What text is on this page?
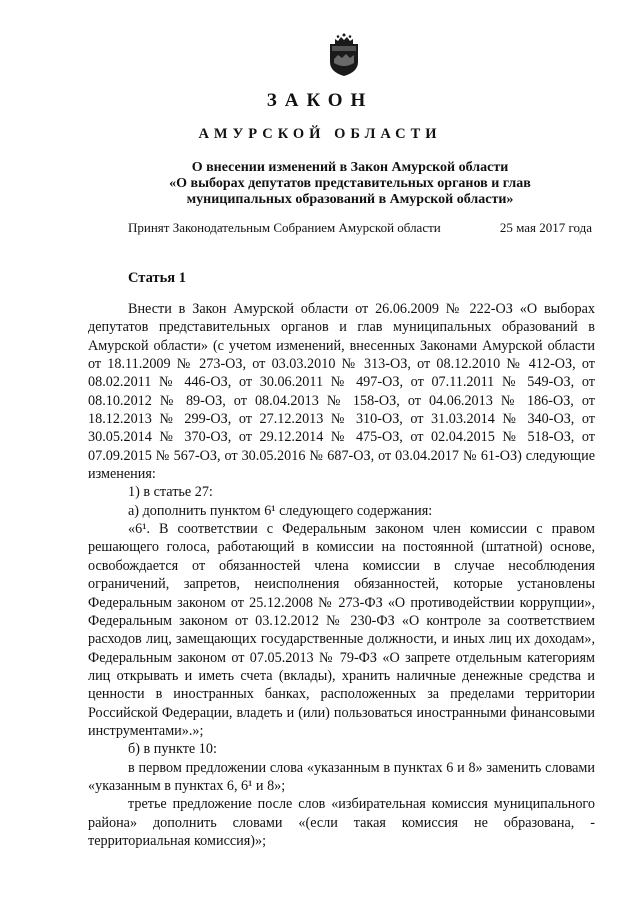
ЗАКОН
АМУРСКОЙ ОБЛАСТИ
О внесении изменений в Закон Амурской области
«О выборах депутатов представительных органов и глав
муниципальных образований в Амурской области»
Принят Законодательным Собранием Амурской области	25 мая 2017 года
Статья 1

Внести в Закон Амурской области от 26.06.2009 № 222-ОЗ «О выборах депутатов представительных органов и глав муниципальных образований в Амурской области» (с учетом изменений, внесенных Законами Амурской области от 18.11.2009 № 273-ОЗ, от 03.03.2010 № 313-ОЗ, от 08.12.2010 № 412-ОЗ, от 08.02.2011 № 446-ОЗ, от 30.06.2011 № 497-ОЗ, от 07.11.2011 № 549-ОЗ, от 08.10.2012 № 89-ОЗ, от 08.04.2013 № 158-ОЗ, от 04.06.2013 № 186-ОЗ, от 18.12.2013 № 299-ОЗ, от 27.12.2013 № 310-ОЗ, от 31.03.2014 № 340-ОЗ, от 30.05.2014 № 370-ОЗ, от 29.12.2014 № 475-ОЗ, от 02.04.2015 № 518-ОЗ, от 07.09.2015 № 567-ОЗ, от 30.05.2016 № 687-ОЗ, от 03.04.2017 № 61-ОЗ) следующие изменения:

1) в статье 27:

а) дополнить пунктом 6¹ следующего содержания:

«6¹. В соответствии с Федеральным законом член комиссии с правом решающего голоса, работающий в комиссии на постоянной (штатной) основе, освобождается от обязанностей члена комиссии в случае несоблюдения ограничений, запретов, неисполнения обязанностей, которые установлены Федеральным законом от 25.12.2008 № 273-ФЗ «О противодействии коррупции», Федеральным законом от 03.12.2012 № 230-ФЗ «О контроле за соответствием расходов лиц, замещающих государственные должности, и иных лиц их доходам», Федеральным законом от 07.05.2013 № 79-ФЗ «О запрете отдельным категориям лиц открывать и иметь счета (вклады), хранить наличные денежные средства и ценности в иностранных банках, расположенных за пределами территории Российской Федерации, владеть и (или) пользоваться иностранными финансовыми инструментами».»;

б) в пункте 10:

в первом предложении слова «указанным в пунктах 6 и 8» заменить словами «указанным в пунктах 6, 6¹ и 8»;

третье предложение после слов «избирательная комиссия муниципального района» дополнить словами «(если такая комиссия не образована, - территориальная комиссия)»;
